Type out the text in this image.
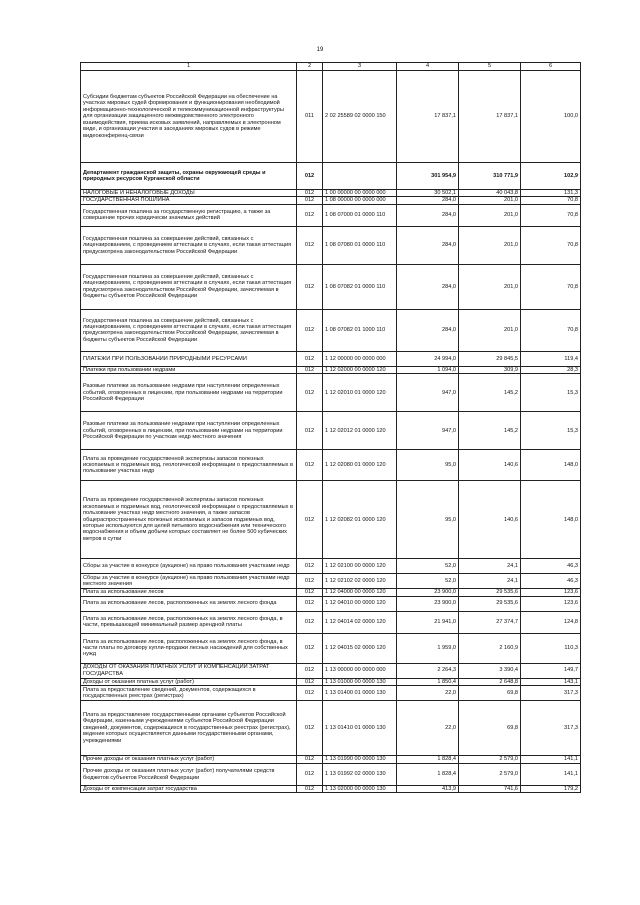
19
1	2	3	4	5	6
Субсидии бюджетам субъектов Российской Федерации на обеспечение на участках мировых судей формирования и функционирования необходимой информационно-технологической и телекоммуникационной инфраструктуры для организации защищенного межведомственного электронного взаимодействия, приема исковых заявлений, направляемых в электронном виде, и организации участия в заседаниях мировых судов в режиме видеоконференц-связи	011	2 02 25589 02 0000 150	17 837,1	17 837,1	100,0
Департамент гражданской защиты, охраны окружающей среды и природных ресурсов Курганской области	012		301 954,9	310 771,9	102,9
НАЛОГОВЫЕ И НЕНАЛОГОВЫЕ ДОХОДЫ	012	1 00 00000 00 0000 000	30 502,1	40 043,8	131,3
ГОСУДАРСТВЕННАЯ ПОШЛИНА	012	1 08 00000 00 0000 000	284,0	201,0	70,8
Государственная пошлина за государственную регистрацию, а также за совершение прочих юридически значимых действий	012	1 08 07000 01 0000 110	284,0	201,0	70,8
Государственная пошлина за совершение действий, связанных с лицензированием, с проведением аттестации в случаях, если такая аттестация предусмотрена законодательством Российской Федерации	012	1 08 07080 01 0000 110	284,0	201,0	70,8
Государственная пошлина за совершение действий, связанных с лицензированием, с проведением аттестации в случаях, если такая аттестация предусмотрена законодательством Российской Федерации, зачисляемая в бюджеты субъектов Российской Федерации	012	1 08 07082 01 0000 110	284,0	201,0	70,8
Государственная пошлина за совершение действий, связанных с лицензированием, с проведением аттестации в случаях, если такая аттестация предусмотрена законодательством Российской Федерации, зачисляемая в бюджеты субъектов Российской Федерации	012	1 08 07082 01 1000 110	284,0	201,0	70,8
ПЛАТЕЖИ ПРИ ПОЛЬЗОВАНИИ ПРИРОДНЫМИ РЕСУРСАМИ	012	1 12 00000 00 0000 000	24 994,0	29 845,5	119,4
Платежи при пользовании недрами	012	1 12 02000 00 0000 120	1 094,0	309,9	28,3
Разовые платежи за пользование недрами при наступлении определенных событий, оговоренных в лицензии, при пользовании недрами на территории Российской Федерации	012	1 12 02010 01 0000 120	947,0	145,2	15,3
Разовые платежи за пользование недрами при наступлении определенных событий, оговоренных в лицензии, при пользовании недрами на территории Российской Федерации по участкам недр местного значения	012	1 12 02012 01 0000 120	947,0	145,2	15,3
Плата за проведение государственной экспертизы запасов полезных ископаемых и подземных вод, геологической информации о предоставляемых в пользование участках недр	012	1 12 02080 01 0000 120	95,0	140,6	148,0
Плата за проведение государственной экспертизы запасов полезных ископаемых и подземных вод, геологической информации о предоставляемых в пользование участках недр местного значения, а также запасов общераспространенных полезных ископаемых и запасов подземных вод, которые используются для целей питьевого водоснабжения или технического водоснабжения и объем добычи которых составляет не более 500 кубических метров в сутки	012	1 12 02082 01 0000 120	95,0	140,6	148,0
Сборы за участие в конкурсе (аукционе) на право пользования участками недр	012	1 12 02100 00 0000 120	52,0	24,1	46,3
Сборы за участие в конкурсе (аукционе) на право пользования участками недр местного значения	012	1 12 02102 02 0000 120	52,0	24,1	46,3
Плата за использование лесов	012	1 12 04000 00 0000 120	23 900,0	29 535,6	123,6
Плата за использование лесов, расположенных на землях лесного фонда	012	1 12 04010 00 0000 120	23 900,0	29 535,6	123,6
Плата за использование лесов, расположенных на землях лесного фонда, в части, превышающей минимальный размер арендной платы	012	1 12 04014 02 0000 120	21 941,0	27 374,7	124,8
Плата за использование лесов, расположенных на землях лесного фонда, в части платы по договору купли-продажи лесных насаждений для собственных нужд	012	1 12 04015 02 0000 120	1 959,0	2 160,9	110,3
ДОХОДЫ ОТ ОКАЗАНИЯ ПЛАТНЫХ УСЛУГ И КОМПЕНСАЦИИ ЗАТРАТ ГОСУДАРСТВА	012	1 13 00000 00 0000 000	2 264,3	3 390,4	149,7
Доходы от оказания платных услуг (работ)	012	1 13 01000 00 0000 130	1 850,4	2 648,8	143,1
Плата за предоставление сведений, документов, содержащихся в государственных реестрах (регистрах)	012	1 13 01400 01 0000 130	22,0	69,8	317,3
Плата за предоставление государственными органами субъектов Российской Федерации, казенными учреждениями субъектов Российской Федерации сведений, документов, содержащихся в государственных реестрах (регистрах), ведение которых осуществляется данными государственными органами, учреждениями	012	1 13 01410 01 0000 130	22,0	69,8	317,3
Прочие доходы от оказания платных услуг (работ)	012	1 13 01990 00 0000 130	1 828,4	2 579,0	141,1
Прочие доходы от оказания платных услуг (работ) получателями средств бюджетов субъектов Российской Федерации	012	1 13 01992 02 0000 130	1 828,4	2 579,0	141,1
Доходы от компенсации затрат государства	012	1 13 02000 00 0000 130	413,9	741,6	179,2
